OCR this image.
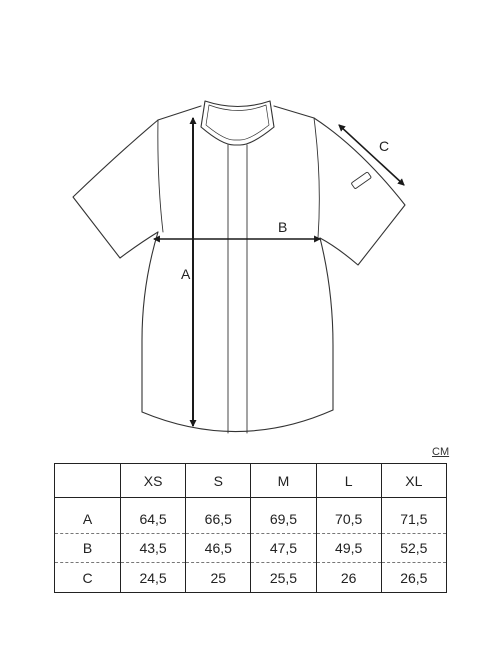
A
B
C
CM
	XS	S	M	L	XL
A	64,5	66,5	69,5	70,5	71,5
B	43,5	46,5	47,5	49,5	52,5
C	24,5	25	25,5	26	26,5
